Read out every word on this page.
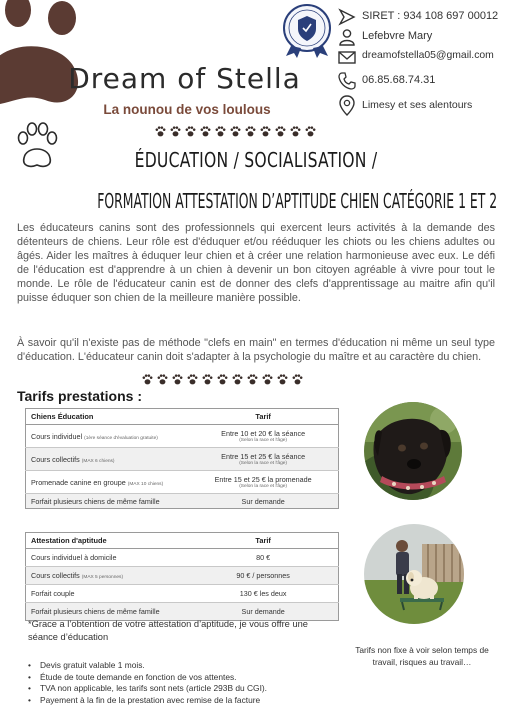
Dream of Stella
La nounou de vos loulous
SIRET : 934 108 697 00012
Lefebvre Mary
dreamofstella05@gmail.com
06.85.68.74.31
Limesy et ses alentours
ÉDUCATION / SOCIALISATION /
FORMATION ATTESTATION D’APTITUDE CHIEN CATÉGORIE 1 ET 2

Les éducateurs canins sont des professionnels qui exercent leurs activités à la demande des détenteurs de chiens. Leur rôle est d'éduquer et/ou rééduquer les chiots ou les chiens adultes ou âgés. Aider les maîtres à éduquer leur chien et à créer une relation harmonieuse avec eux. Le défi de l'éducation est d'apprendre à un chien à devenir un bon citoyen agréable à vivre pour tout le monde. Le rôle de l'éducateur canin est de donner des clefs d'apprentissage au maitre afin qu'il puisse éduquer son chien de la meilleure manière possible.

À savoir qu'il n'existe pas de méthode "clefs en main" en termes d'éducation ni même un seul type d'éducation. L'éducateur canin doit s'adapter à la psychologie du maître et au caractère du chien.

Tarifs prestations :
Chiens Éducation	Tarif
Cours individuel (1ère séance d'évaluation gratuite)	Entre 10 et 20 € la séance
(Selon la race et l'âge)

Cours collectifs (MAX 6 chiens)	Entre 15 et 25 € la séance
(Selon la race et l'âge)

Promenade canine en groupe (MAX 10 chiens)	Entre 15 et 25 € la promenade
(Selon la race et l'âge)

Forfait plusieurs chiens de même famille	Sur demande
Attestation d'aptitude	Tarif
Cours individuel à domicile	80 €
Cours collectifs (MAX 5 personnes)	90 € / personnes
Forfait couple	130 € les deux
Forfait plusieurs chiens de même famille	Sur demande

*Grace a l’obtention de votre attestation d’aptitude, je vous offre une séance d’éducation

Tarifs non fixe à voir selon temps de travail, risques au travail…

• Devis gratuit valable 1 mois.
• Étude de toute demande en fonction de vos attentes.
• TVA non applicable, les tarifs sont nets (article 293B du CGI).
• Payement à la fin de la prestation avec remise de la facture
